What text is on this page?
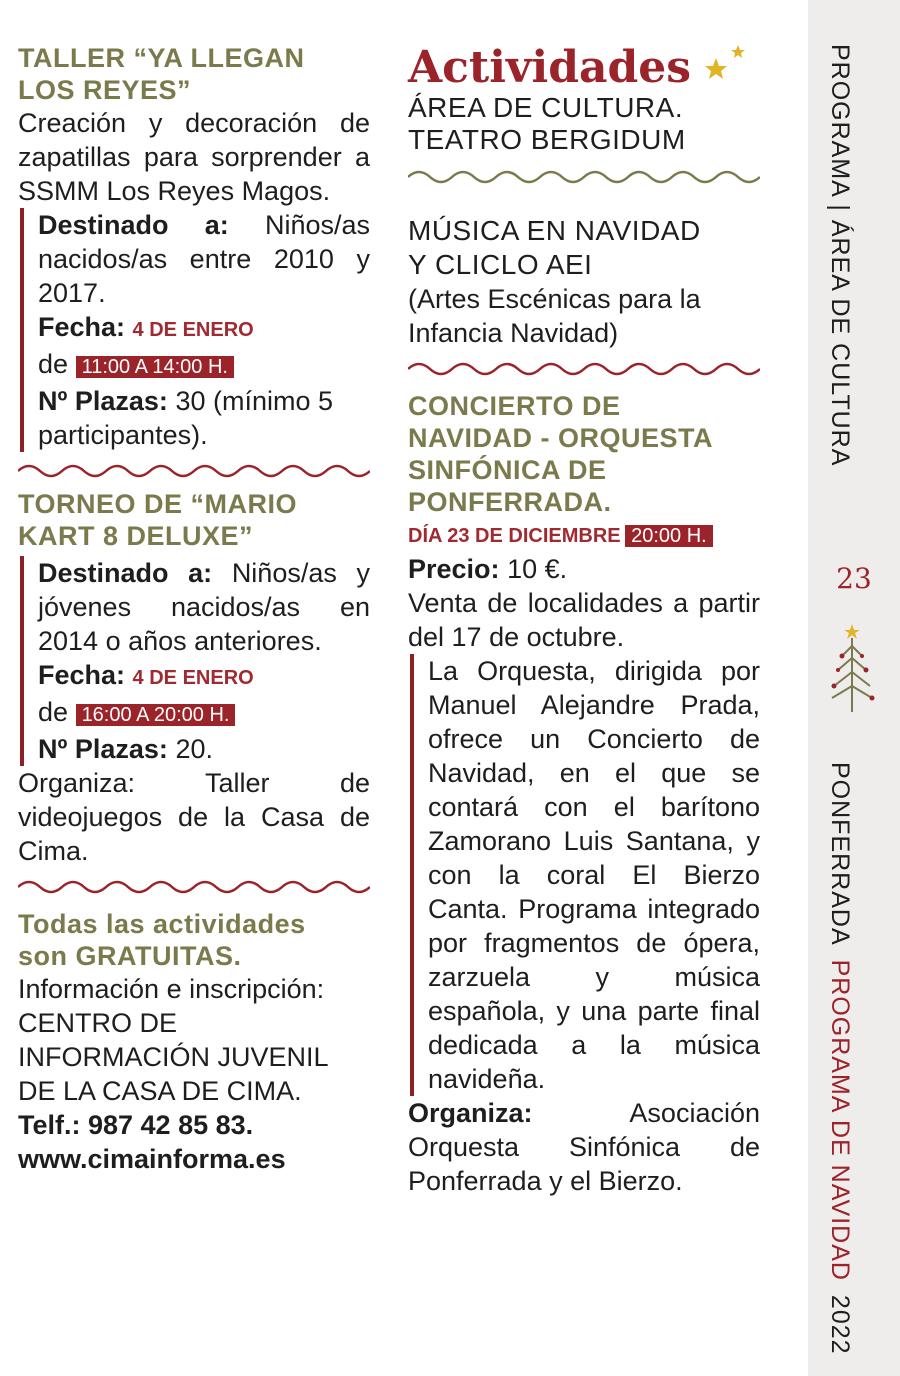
PROGRAMA | ÁREA DE CULTURA
23
PONFERRADA PROGRAMA DE NAVIDAD 2022
TALLER “YA LLEGAN
LOS REYES”
Creación y decoración de zapatillas para sorprender a SSMM Los Reyes Magos.
Destinado a: Niños/as nacidos/as entre 2010 y 2017.
Fecha: 4 DE ENERO
de 11:00 A 14:00 H.
Nº Plazas: 30 (mínimo 5 participantes).
TORNEO DE “MARIO
KART 8 DELUXE”
Destinado a: Niños/as y jóvenes nacidos/as en 2014 o años anteriores.
Fecha: 4 DE ENERO
de 16:00 A 20:00 H.
Nº Plazas: 20.
Organiza: Taller de videojuegos de la Casa de Cima.
Todas las actividades
son GRATUITAS.
Información e inscripción:
CENTRO DE
INFORMACIÓN JUVENIL
DE LA CASA DE CIMA.
Telf.: 987 42 85 83.
www.cimainforma.es
Actividades
ÁREA DE CULTURA.
TEATRO BERGIDUM
MÚSICA EN NAVIDAD
Y CLICLO AEI
(Artes Escénicas para la
Infancia Navidad)
CONCIERTO DE
NAVIDAD - ORQUESTA
SINFÓNICA DE
PONFERRADA.
DÍA 23 DE DICIEMBRE 20:00 H.
Precio: 10 €.
Venta de localidades a partir del 17 de octubre.
La Orquesta, dirigida por Manuel Alejandre Prada, ofrece un Concierto de Navidad, en el que se contará con el barítono Zamorano Luis Santana, y con la coral El Bierzo Canta. Programa integrado por fragmentos de ópera, zarzuela y música española, y una parte final dedicada a la música navideña.
Organiza:	Asociación Orquesta Sinfónica de Ponferrada y el Bierzo.
